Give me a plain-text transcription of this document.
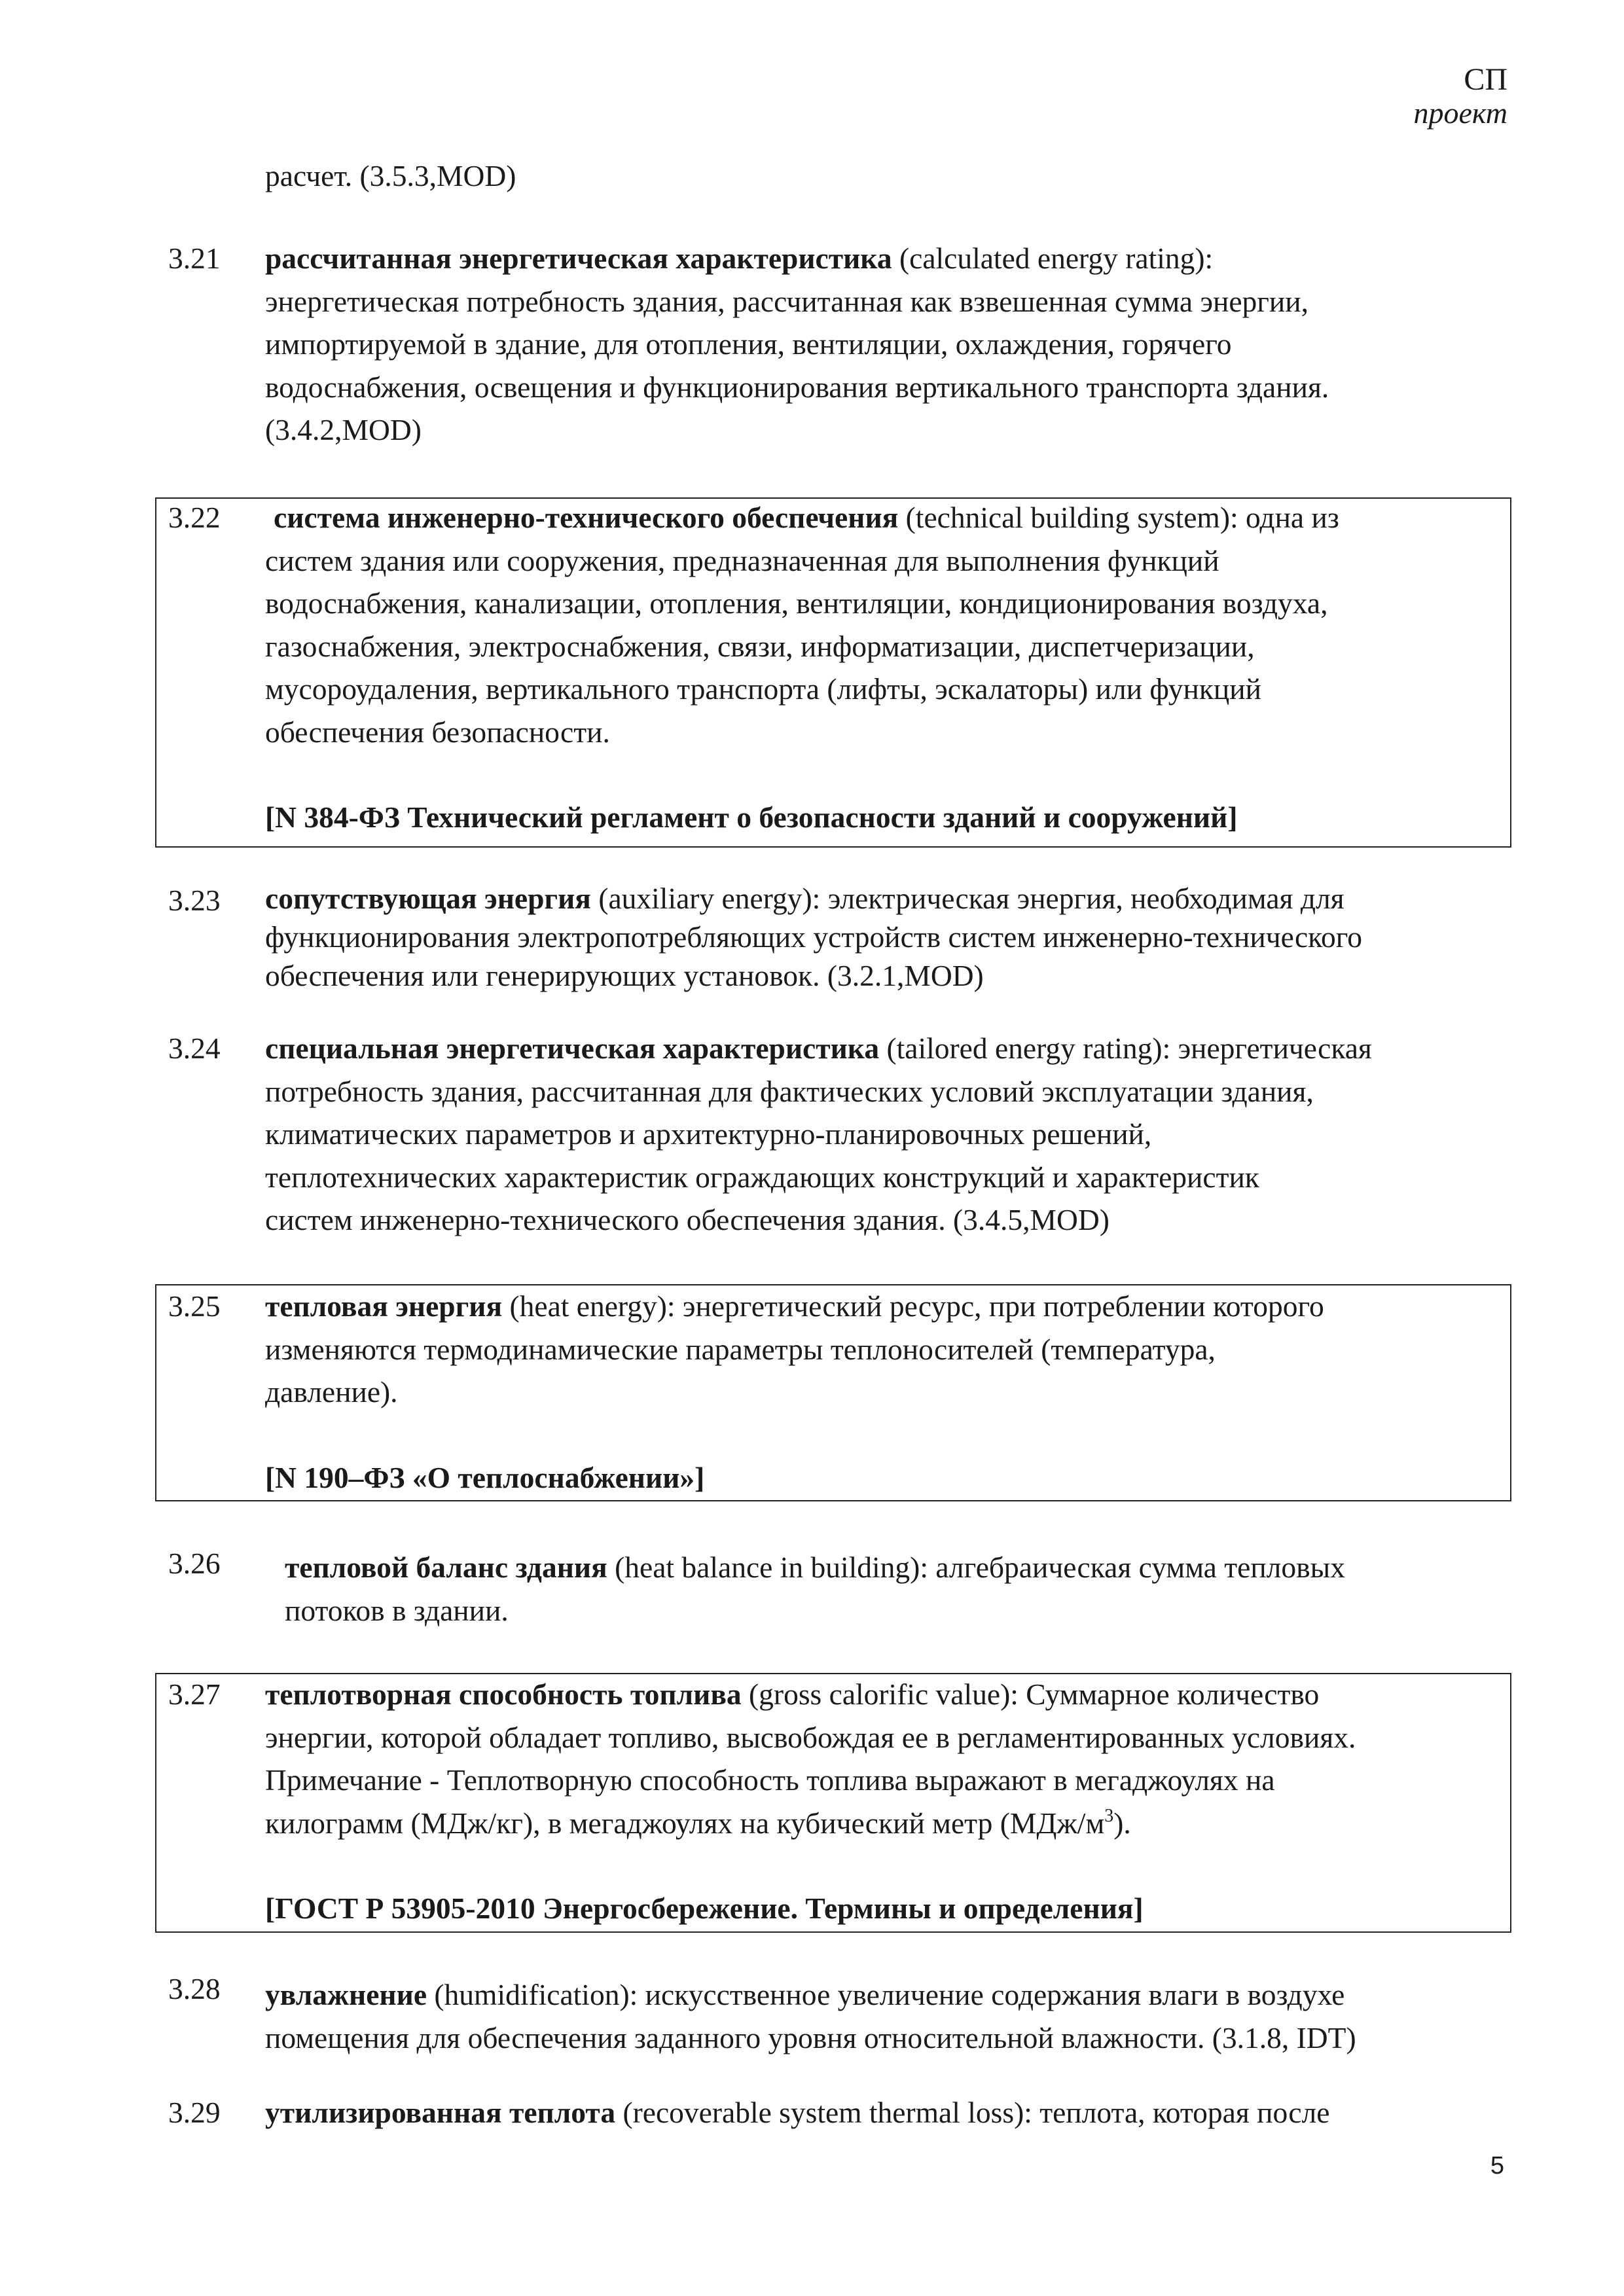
СП
проект
расчет. (3.5.3,MOD)
3.21 рассчитанная энергетическая характеристика (calculated energy rating):

энергетическая потребность здания, рассчитанная как взвешенная сумма энергии,

импортируемой в здание, для отопления, вентиляции, охлаждения, горячего

водоснабжения, освещения и функционирования вертикального транспорта здания.

(3.4.2,MOD)

3.22 система инженерно-технического обеспечения (technical building system): одна из

систем здания или сооружения, предназначенная для выполнения функций

водоснабжения, канализации, отопления, вентиляции, кондиционирования воздуха,

газоснабжения, электроснабжения, связи, информатизации, диспетчеризации,

мусороудаления, вертикального транспорта (лифты, эскалаторы) или функций

обеспечения безопасности.

[N 384-ФЗ Технический регламент о безопасности зданий и сооружений]

3.23 сопутствующая энергия (auxiliary energy): электрическая энергия, необходимая для

функционирования электропотребляющих устройств систем инженерно-технического

обеспечения или генерирующих установок. (3.2.1,MOD)

3.24 специальная энергетическая характеристика (tailored energy rating): энергетическая

потребность здания, рассчитанная для фактических условий эксплуатации здания,

климатических параметров и архитектурно-планировочных решений,

теплотехнических характеристик ограждающих конструкций и характеристик

систем инженерно-технического обеспечения здания. (3.4.5,MOD)

3.25 тепловая энергия (heat energy): энергетический ресурс, при потреблении которого

изменяются термодинамические параметры теплоносителей (температура,

давление).

[N 190–ФЗ «О теплоснабжении»]

3.26 тепловой баланс здания (heat balance in building): алгебраическая сумма тепловых

потоков в здании.

3.27 теплотворная способность топлива (gross calorific value): Суммарное количество

энергии, которой обладает топливо, высвобождая ее в регламентированных условиях.

Примечание - Теплотворную способность топлива выражают в мегаджоулях на

килограмм (МДж/кг), в мегаджоулях на кубический метр $(МДж/м^3)$.

[ГОСТ Р 53905-2010 Энергосбережение. Термины и определения]

3.28 увлажнение (humidification): искусственное увеличение содержания влаги в воздухе

помещения для обеспечения заданного уровня относительной влажности. (3.1.8, IDT)

3.29 утилизированная теплота (recoverable system thermal loss): теплота, которая после

5
